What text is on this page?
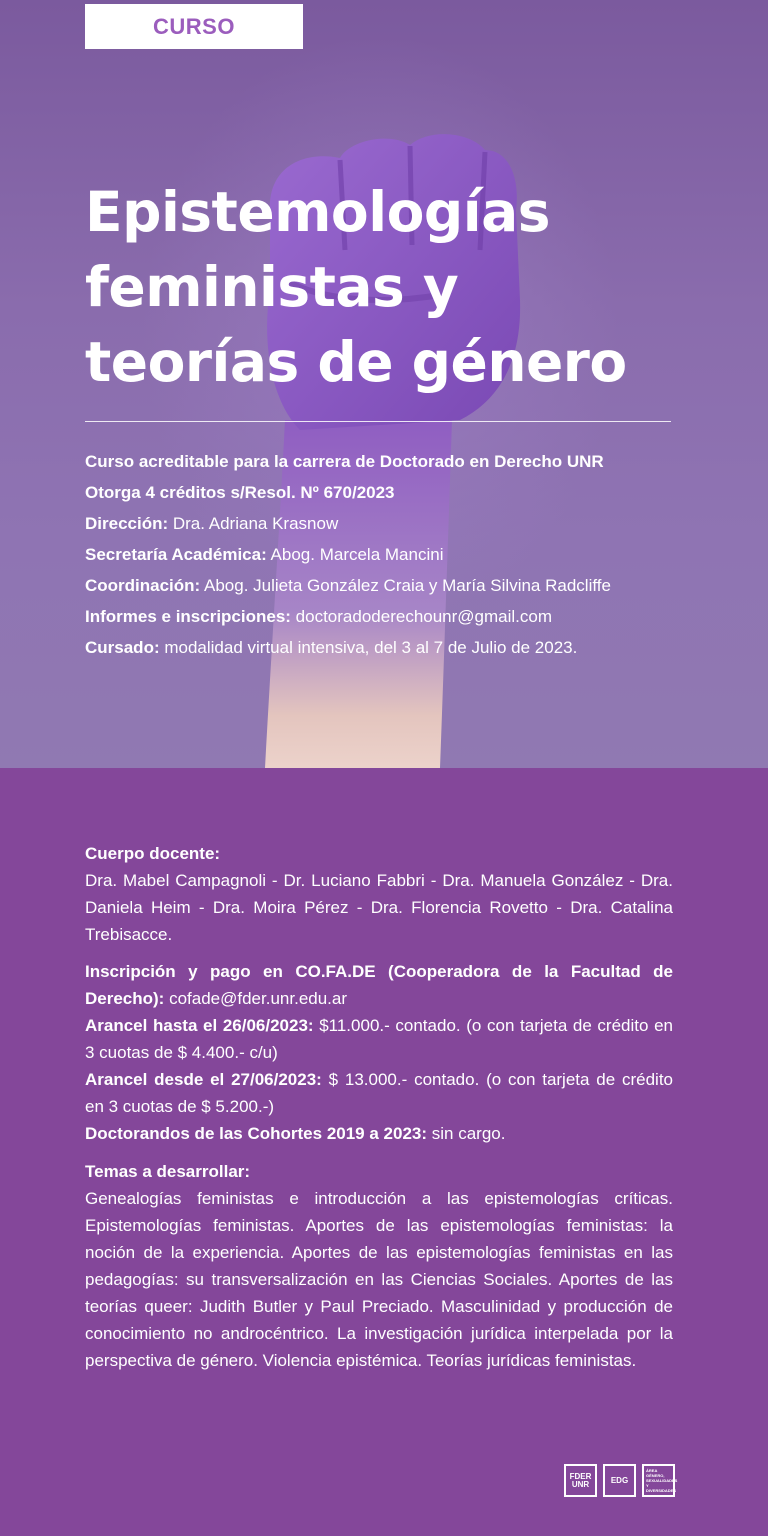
CURSO
Epistemologías
feministas y
teorías de género
Curso acreditable para la carrera de Doctorado en Derecho UNR
Otorga 4 créditos s/Resol. Nº 670/2023
Dirección: Dra. Adriana Krasnow
Secretaría Académica: Abog. Marcela Mancini
Coordinación: Abog. Julieta González Craia y María Silvina Radcliffe
Informes e inscripciones: doctoradoderechounr@gmail.com
Cursado: modalidad virtual intensiva, del 3 al 7 de Julio de 2023.
Cuerpo docente:
Dra. Mabel Campagnoli - Dr. Luciano Fabbri - Dra. Manuela González - Dra. Daniela Heim - Dra. Moira Pérez - Dra. Florencia Rovetto - Dra. Catalina Trebisacce.
Inscripción y pago en CO.FA.DE (Cooperadora de la Facultad de Derecho): cofade@fder.unr.edu.ar
Arancel hasta el 26/06/2023: $11.000.- contado. (o con tarjeta de crédito en 3 cuotas de $ 4.400.- c/u)
Arancel desde el 27/06/2023: $ 13.000.- contado. (o con tarjeta de crédito en 3 cuotas de $ 5.200.-)
Doctorandos de las Cohortes 2019 a 2023: sin cargo.
Temas a desarrollar:
Genealogías feministas e introducción a las epistemologías críticas. Epistemologías feministas. Aportes de las epistemologías feministas: la noción de la experiencia. Aportes de las epistemologías feministas en las pedagogías: su transversalización en las Ciencias Sociales. Aportes de las teorías queer: Judith Butler y Paul Preciado. Masculinidad y producción de conocimiento no androcéntrico. La investigación jurídica interpelada por la perspectiva de género. Violencia epistémica. Teorías jurídicas feministas.
FDER
UNR	EDG
ÁREA
GÉNERO,
SEXUALIDADES
Y
DIVERSIDADES
